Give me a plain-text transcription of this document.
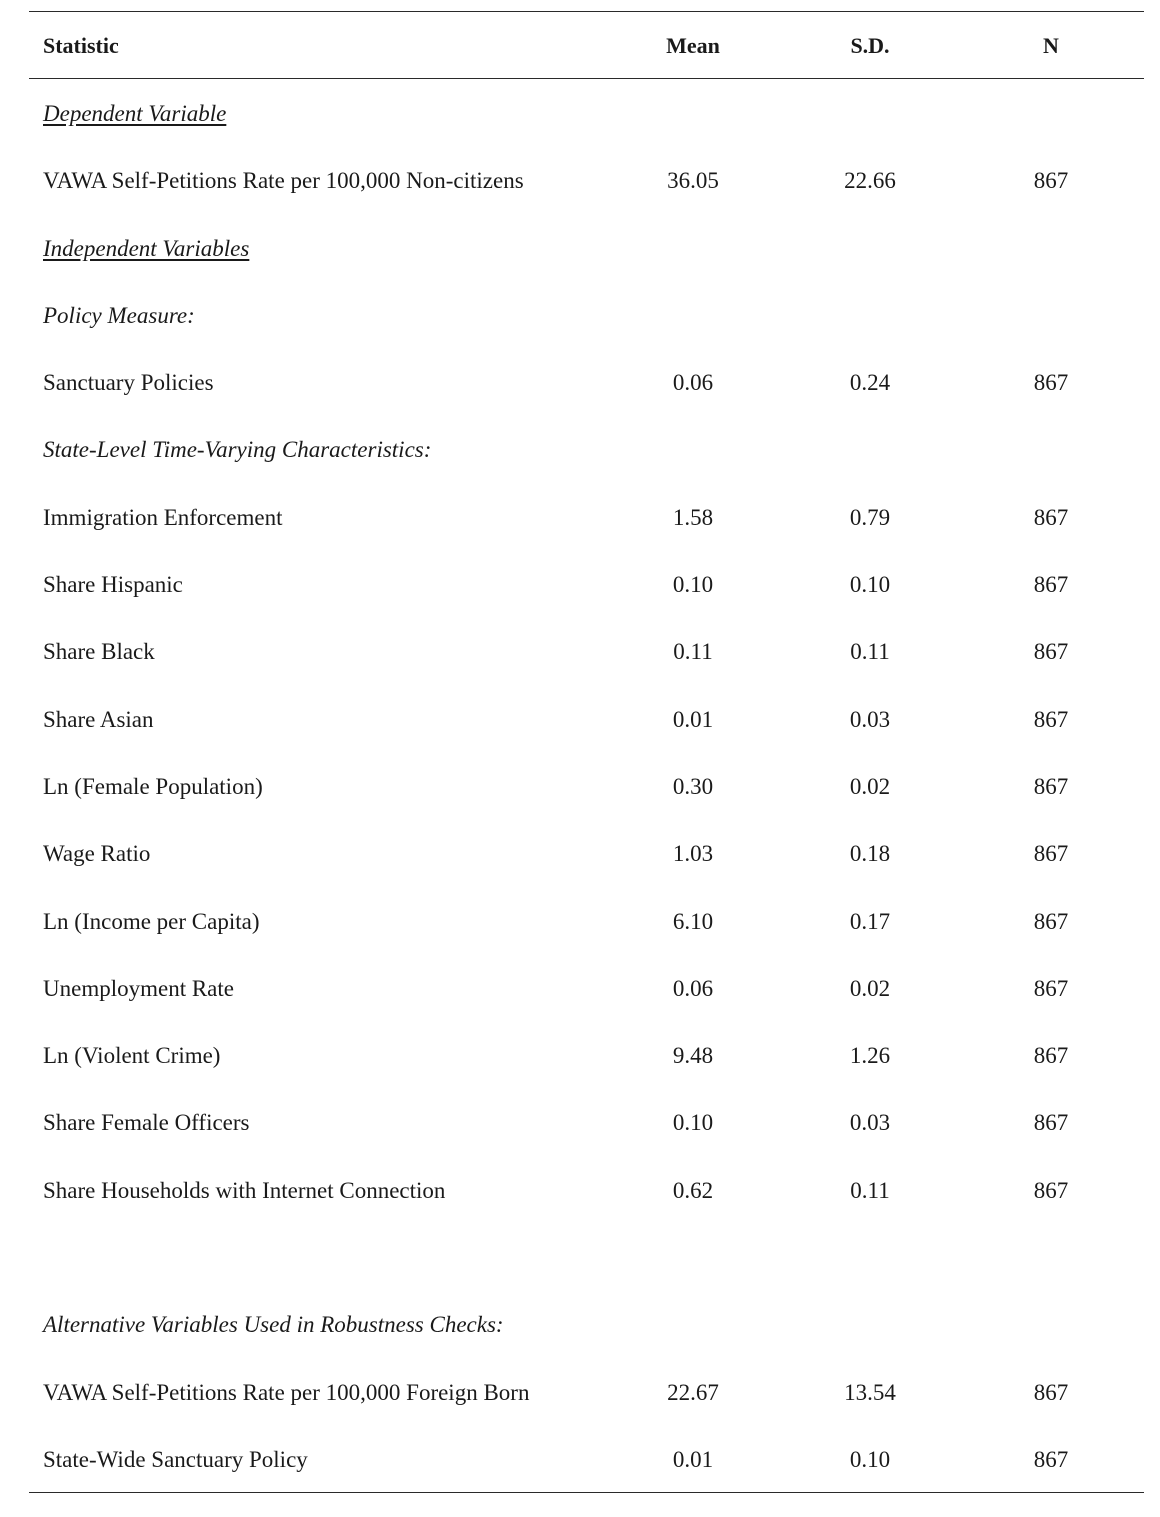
Statistic	Mean	S.D.	N
Dependent Variable
VAWA Self-Petitions Rate per 100,000 Non-citizens	36.05	22.66	867
Independent Variables
Policy Measure:
Sanctuary Policies	0.06	0.24	867
State-Level Time-Varying Characteristics:
Immigration Enforcement	1.58	0.79	867
Share Hispanic	0.10	0.10	867
Share Black	0.11	0.11	867
Share Asian	0.01	0.03	867
Ln (Female Population)	0.30	0.02	867
Wage Ratio	1.03	0.18	867
Ln (Income per Capita)	6.10	0.17	867
Unemployment Rate	0.06	0.02	867
Ln (Violent Crime)	9.48	1.26	867
Share Female Officers	0.10	0.03	867
Share Households with Internet Connection	0.62	0.11	867
Alternative Variables Used in Robustness Checks:
VAWA Self-Petitions Rate per 100,000 Foreign Born	22.67	13.54	867
State-Wide Sanctuary Policy	0.01	0.10	867
